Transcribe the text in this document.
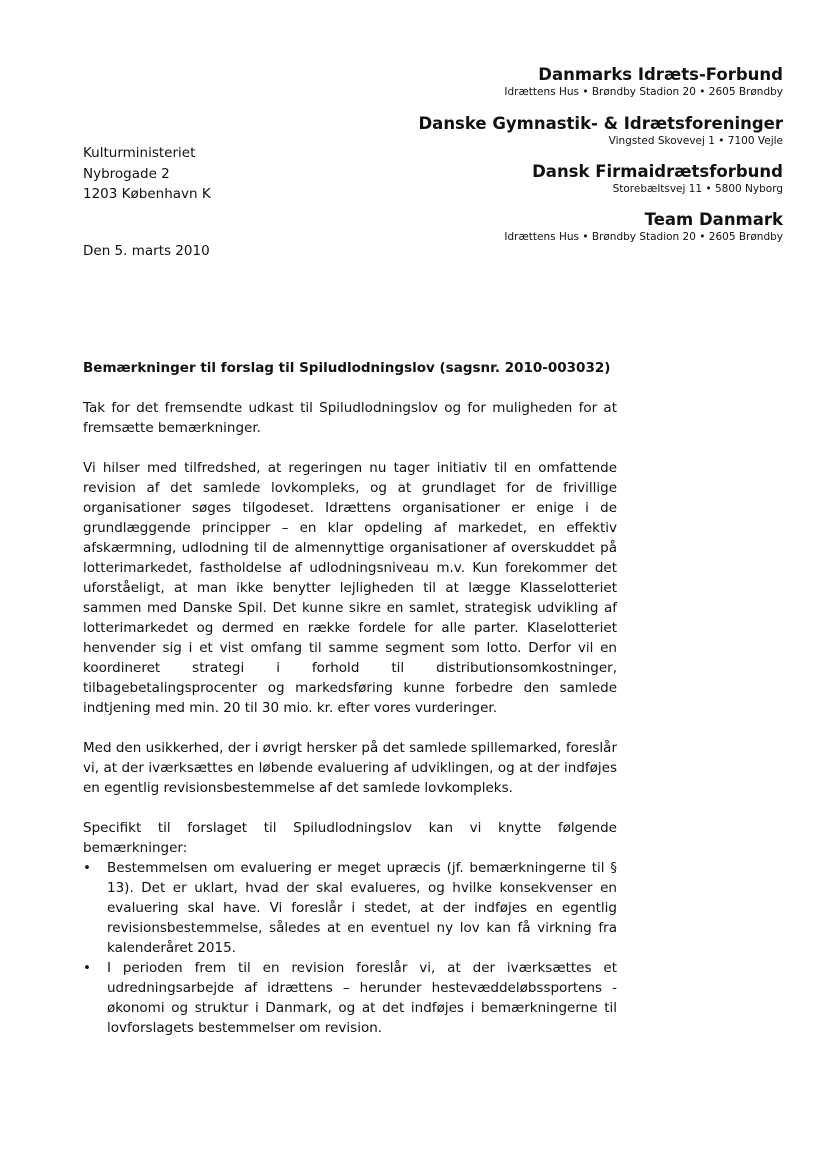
Danmarks Idræts-Forbund
Idrættens Hus • Brøndby Stadion 20 • 2605 Brøndby
Danske Gymnastik- & Idrætsforeninger
Vingsted Skovevej 1 • 7100 Vejle
Dansk Firmaidrætsforbund
Storebæltsvej 11 • 5800 Nyborg
Team Danmark
Idrættens Hus • Brøndby Stadion 20 • 2605 Brøndby
Kulturministeriet
Nybrogade 2
1203 København K
Den 5. marts 2010

Bemærkninger til forslag til Spiludlodningslov (sagsnr. 2010-003032)

Tak for det fremsendte udkast til Spiludlodningslov og for muligheden for at fremsætte bemærkninger.

Vi hilser med tilfredshed, at regeringen nu tager initiativ til en omfattende revision af det samlede lovkompleks, og at grundlaget for de frivillige organisationer søges tilgodeset. Idrættens organisationer er enige i de grundlæggende principper – en klar opdeling af markedet, en effektiv afskærmning, udlodning til de almennyttige organisationer af overskuddet på lotterimarkedet, fastholdelse af udlodningsniveau m.v. Kun forekommer det uforståeligt, at man ikke benytter lejligheden til at lægge Klasselotteriet sammen med Danske Spil. Det kunne sikre en samlet, strategisk udvikling af lotterimarkedet og dermed en række fordele for alle parter. Klaselotteriet henvender sig i et vist omfang til samme segment som lotto. Derfor vil en koordineret strategi i forhold til distributionsomkostninger, tilbagebetalingsprocenter og markedsføring kunne forbedre den samlede indtjening med min. 20 til 30 mio. kr. efter vores vurderinger.

Med den usikkerhed, der i øvrigt hersker på det samlede spillemarked, foreslår vi, at der iværksættes en løbende evaluering af udviklingen, og at der indføjes en egentlig revisionsbestemmelse af det samlede lovkompleks.

Specifikt til forslaget til Spiludlodningslov kan vi knytte følgende bemærkninger:

• Bestemmelsen om evaluering er meget upræcis (jf. bemærkningerne til § 13). Det er uklart, hvad der skal evalueres, og hvilke konsekvenser en evaluering skal have. Vi foreslår i stedet, at der indføjes en egentlig revisionsbestemmelse, således at en eventuel ny lov kan få virkning fra kalenderåret 2015.
• I perioden frem til en revision foreslår vi, at der iværksættes et udredningsarbejde af idrættens – herunder hestevæddeløbssportens - økonomi og struktur i Danmark, og at det indføjes i bemærkningerne til lovforslagets bestemmelser om revision.
